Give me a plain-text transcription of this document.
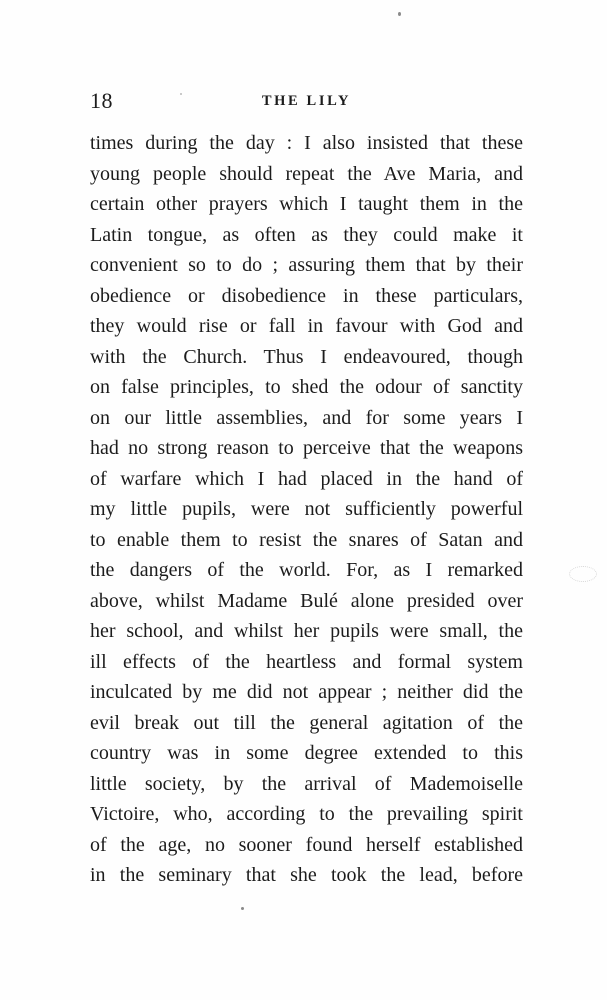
18	THE LILY
times during the day : I also insisted that these
young people should repeat the Ave Maria, and
certain other prayers which I taught them in the
Latin tongue, as often as they could make it
convenient so to do ; assuring them that by their
obedience or disobedience in these particulars,
they would rise or fall in favour with God and
with the Church. Thus I endeavoured, though
on false principles, to shed the odour of sanctity
on our little assemblies, and for some years I
had no strong reason to perceive that the weapons
of warfare which I had placed in the hand of
my little pupils, were not sufficiently powerful
to enable them to resist the snares of Satan and
the dangers of the world. For, as I remarked
above, whilst Madame Bulé alone presided over
her school, and whilst her pupils were small, the
ill effects of the heartless and formal system
inculcated by me did not appear ; neither did the
evil break out till the general agitation of the
country was in some degree extended to this
little society, by the arrival of Mademoiselle
Victoire, who, according to the prevailing spirit
of the age, no sooner found herself established
in the seminary that she took the lead, before
